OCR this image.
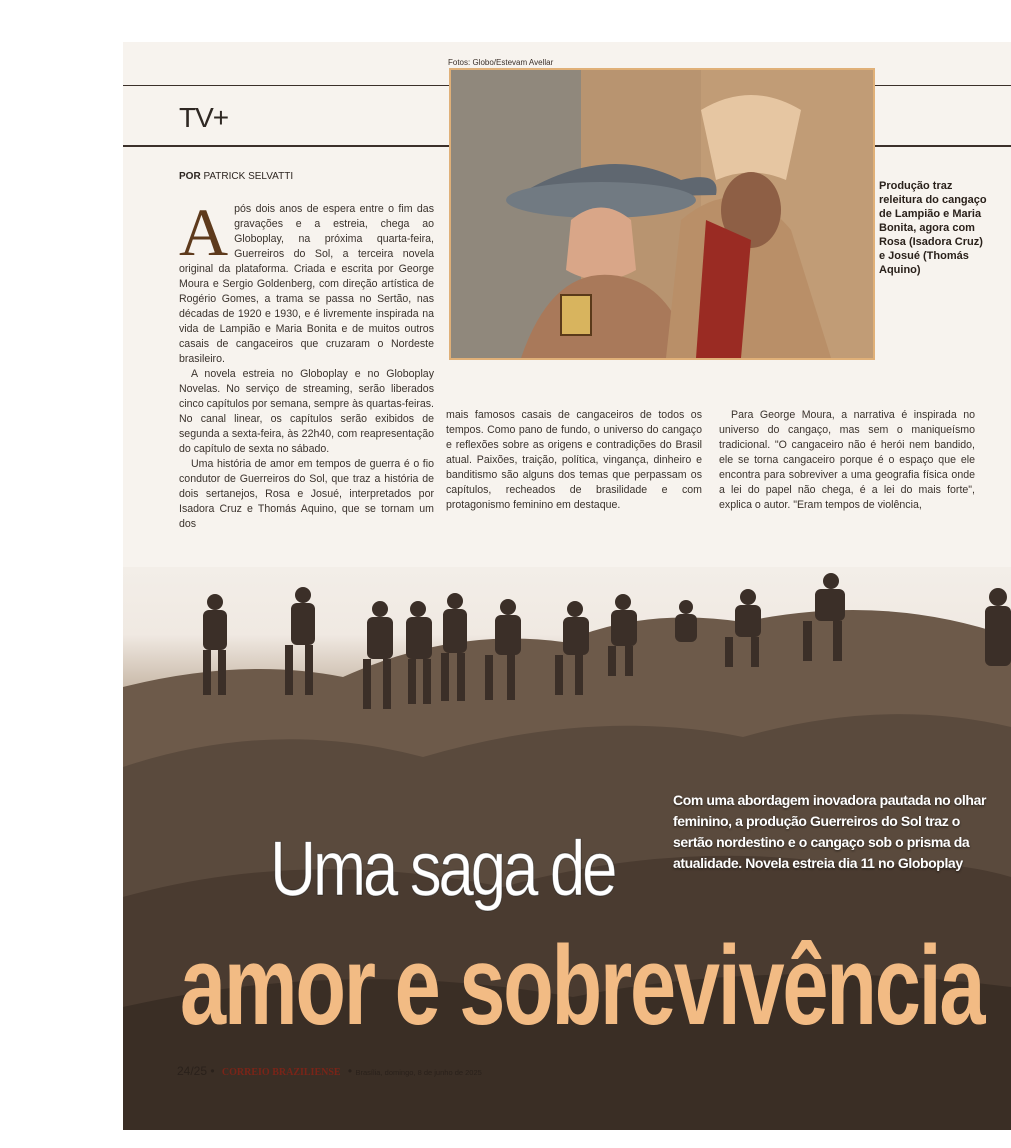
TV+
Fotos: Globo/Estevam Avellar
POR PATRICK SELVATTI

Após dois anos de espera entre o fim das gravações e a estreia, chega ao Globoplay, na próxima quarta-feira, Guerreiros do Sol, a terceira novela original da plataforma. Criada e escrita por George Moura e Sergio Goldenberg, com direção artística de Rogério Gomes, a trama se passa no Sertão, nas décadas de 1920 e 1930, e é livremente inspirada na vida de Lampião e Maria Bonita e de muitos outros casais de cangaceiros que cruzaram o Nordeste brasileiro.

A novela estreia no Globoplay e no Globoplay Novelas. No serviço de streaming, serão liberados cinco capítulos por semana, sempre às quartas-feiras. No canal linear, os capítulos serão exibidos de segunda a sexta-feira, às 22h40, com reapresentação do capítulo de sexta no sábado.

Uma história de amor em tempos de guerra é o fio condutor de Guerreiros do Sol, que traz a história de dois sertanejos, Rosa e Josué, interpretados por Isadora Cruz e Thomás Aquino, que se tornam um dos

mais famosos casais de cangaceiros de todos os tempos. Como pano de fundo, o universo do cangaço e reflexões sobre as origens e contradições do Brasil atual. Paixões, traição, política, vingança, dinheiro e banditismo são alguns dos temas que perpassam os capítulos, recheados de brasilidade e com protagonismo feminino em destaque.

Para George Moura, a narrativa é inspirada no universo do cangaço, mas sem o maniqueísmo tradicional. "O cangaceiro não é herói nem bandido, ele se torna cangaceiro porque é o espaço que ele encontra para sobreviver a uma geografia física onde a lei do papel não chega, é a lei do mais forte", explica o autor. "Eram tempos de violência,

Produção traz releitura do cangaço de Lampião e Maria Bonita, agora com Rosa (Isadora Cruz) e Josué (Thomás Aquino)
24/25 • CORREIO BRAZILIENSE • Brasília, domingo, 8 de junho de 2025
Com uma abordagem inovadora pautada no olhar feminino, a produção Guerreiros do Sol traz o sertão nordestino e o cangaço sob o prisma da atualidade. Novela estreia dia 11 no Globoplay
Uma saga de
amor e sobrevivência
